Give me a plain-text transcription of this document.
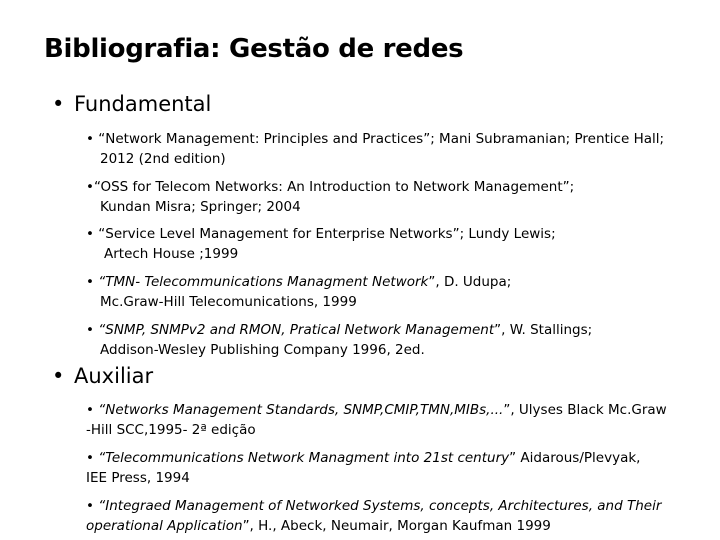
Bibliografia: Gestão de redes
• Fundamental
• “Network Management: Principles and Practices”; Mani Subramanian; Prentice Hall;
2012 (2nd edition)
•“OSS for Telecom Networks: An Introduction to Network Management”;
Kundan Misra; Springer; 2004
• “Service Level Management for Enterprise Networks”; Lundy Lewis;
Artech House ;1999
• “TMN- Telecommunications Managment Network”, D. Udupa;
Mc.Graw-Hill Telecomunications, 1999
• “SNMP, SNMPv2 and RMON, Pratical Network Management”, W. Stallings;
Addison-Wesley Publishing Company 1996, 2ed.
• Auxiliar
• “Networks Management Standards, SNMP,CMIP,TMN,MIBs,...”, Ulyses Black Mc.Graw
-Hill SCC,1995- 2ª edição
• “Telecommunications Network Managment into 21st century” Aidarous/Plevyak,
IEE Press, 1994
• “Integraed Management of Networked Systems, concepts, Architectures, and Their
operational Application”, H., Abeck, Neumair, Morgan Kaufman 1999
